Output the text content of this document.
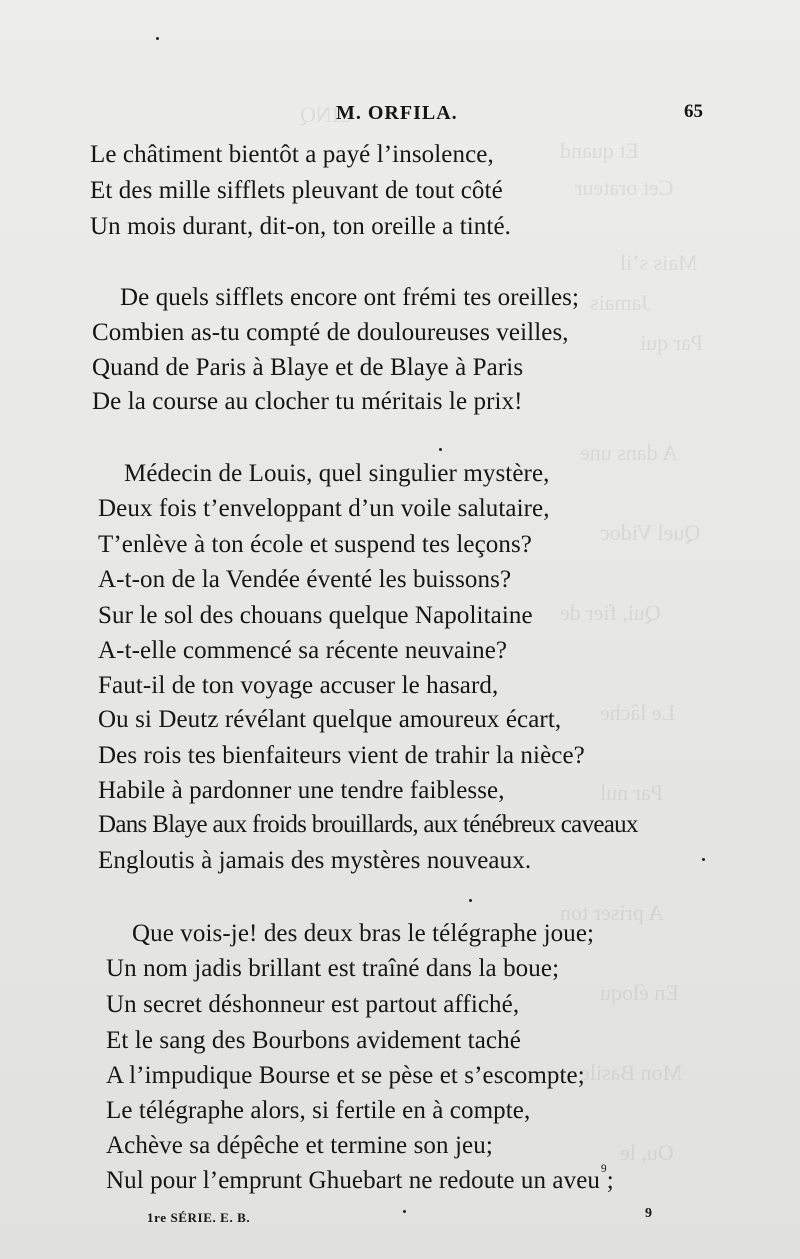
CINQ
Et quand
Cet orateur
Mais s’il
Jamais
Par qui
A dans une
Quel Vidoc
Qui, fier de
Le lâche
Par nul
A priser ton
En éloqu
Mon Basile
Ou, le
M. ORFILA.	65
Le châtiment bientôt a payé l’insolence,
Et des mille sifflets pleuvant de tout côté
Un mois durant, dit-on, ton oreille a tinté.
De quels sifflets encore ont frémi tes oreilles;
Combien as-tu compté de douloureuses veilles,
Quand de Paris à Blaye et de Blaye à Paris
De la course au clocher tu méritais le prix!
Médecin de Louis, quel singulier mystère,
Deux fois t’enveloppant d’un voile salutaire,
T’enlève à ton école et suspend tes leçons?
A-t-on de la Vendée éventé les buissons?
Sur le sol des chouans quelque Napolitaine
A-t-elle commencé sa récente neuvaine?
Faut-il de ton voyage accuser le hasard,
Ou si Deutz révélant quelque amoureux écart,
Des rois tes bienfaiteurs vient de trahir la nièce?
Habile à pardonner une tendre faiblesse,
Dans Blaye aux froids brouillards, aux ténébreux caveaux
Engloutis à jamais des mystères nouveaux.
Que vois-je! des deux bras le télégraphe joue;
Un nom jadis brillant est traîné dans la boue;
Un secret déshonneur est partout affiché,
Et le sang des Bourbons avidement taché
A l’impudique Bourse et se pèse et s’escompte;
Le télégraphe alors, si fertile en à compte,
Achève sa dépêche et termine son jeu;
Nul pour l’emprunt Ghuebart ne redoute un aveu$^9$;
1re SÉRIE. E. B.	9
